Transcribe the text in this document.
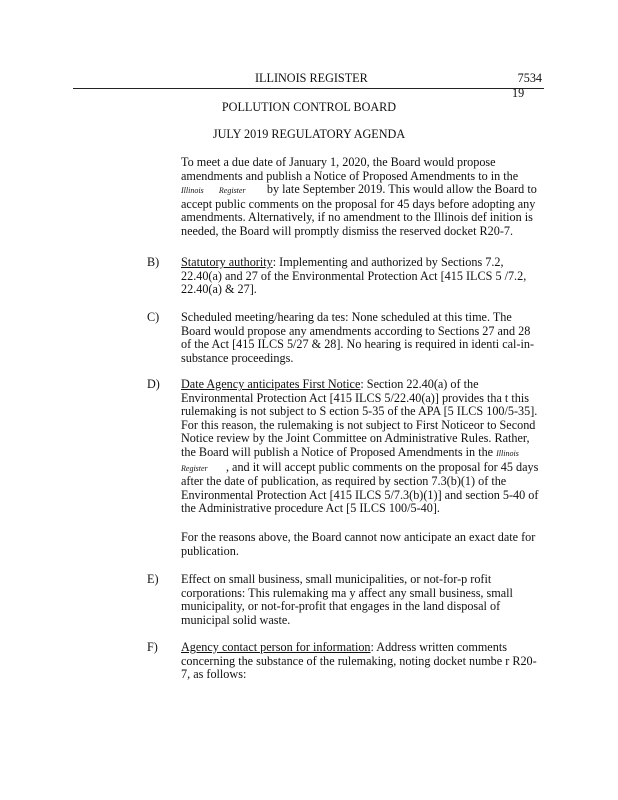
ILLINOIS REGISTER	7534
19
POLLUTION CONTROL BOARD
JULY 2019 REGULATORY AGENDA
To meet a due date of January 1, 2020, the Board would propose amendments and publish a Notice of Proposed Amendments to in the Illinois Register by late September 2019. This would allow the Board to accept public comments on the proposal for 45 days before adopting any amendments. Alternatively, if no amendment to the Illinois def inition is needed, the Board will promptly dismiss the reserved docket R20-7.
B) Statutory authority: Implementing and authorized by Sections 7.2, 22.40(a) and 27 of the Environmental Protection Act [415 ILCS 5 /7.2, 22.40(a) & 27].
C) Scheduled meeting/hearing da tes: None scheduled at this time. The Board would propose any amendments according to Sections 27 and 28 of the Act [415 ILCS 5/27 & 28]. No hearing is required in identi cal-in-substance proceedings.
D) Date Agency anticipates First Notice: Section 22.40(a) of the Environmental Protection Act [415 ILCS 5/22.40(a)] provides tha t this rulemaking is not subject to S ection 5-35 of the APA [5 ILCS 100/5-35]. For this reason, the rulemaking is not subject to First Noticeor to Second Notice review by the Joint Committee on Administrative Rules. Rather, the Board will publish a Notice of Proposed Amendments in the Illinois Register , and it will accept public comments on the proposal for 45 days after the date of publication, as required by section 7.3(b)(1) of the Environmental Protection Act [415 ILCS 5/7.3(b)(1)] and section 5-40 of the Administrative procedure Act [5 ILCS 100/5-40].
For the reasons above, the Board cannot now anticipate an exact date for publication.
E) Effect on small business, small municipalities, or not-for-p rofit corporations: This rulemaking ma y affect any small business, small municipality, or not-for-profit that engages in the land disposal of municipal solid waste.
F) Agency contact person for information: Address written comments concerning the substance of the rulemaking, noting docket numbe r R20-7, as follows:
